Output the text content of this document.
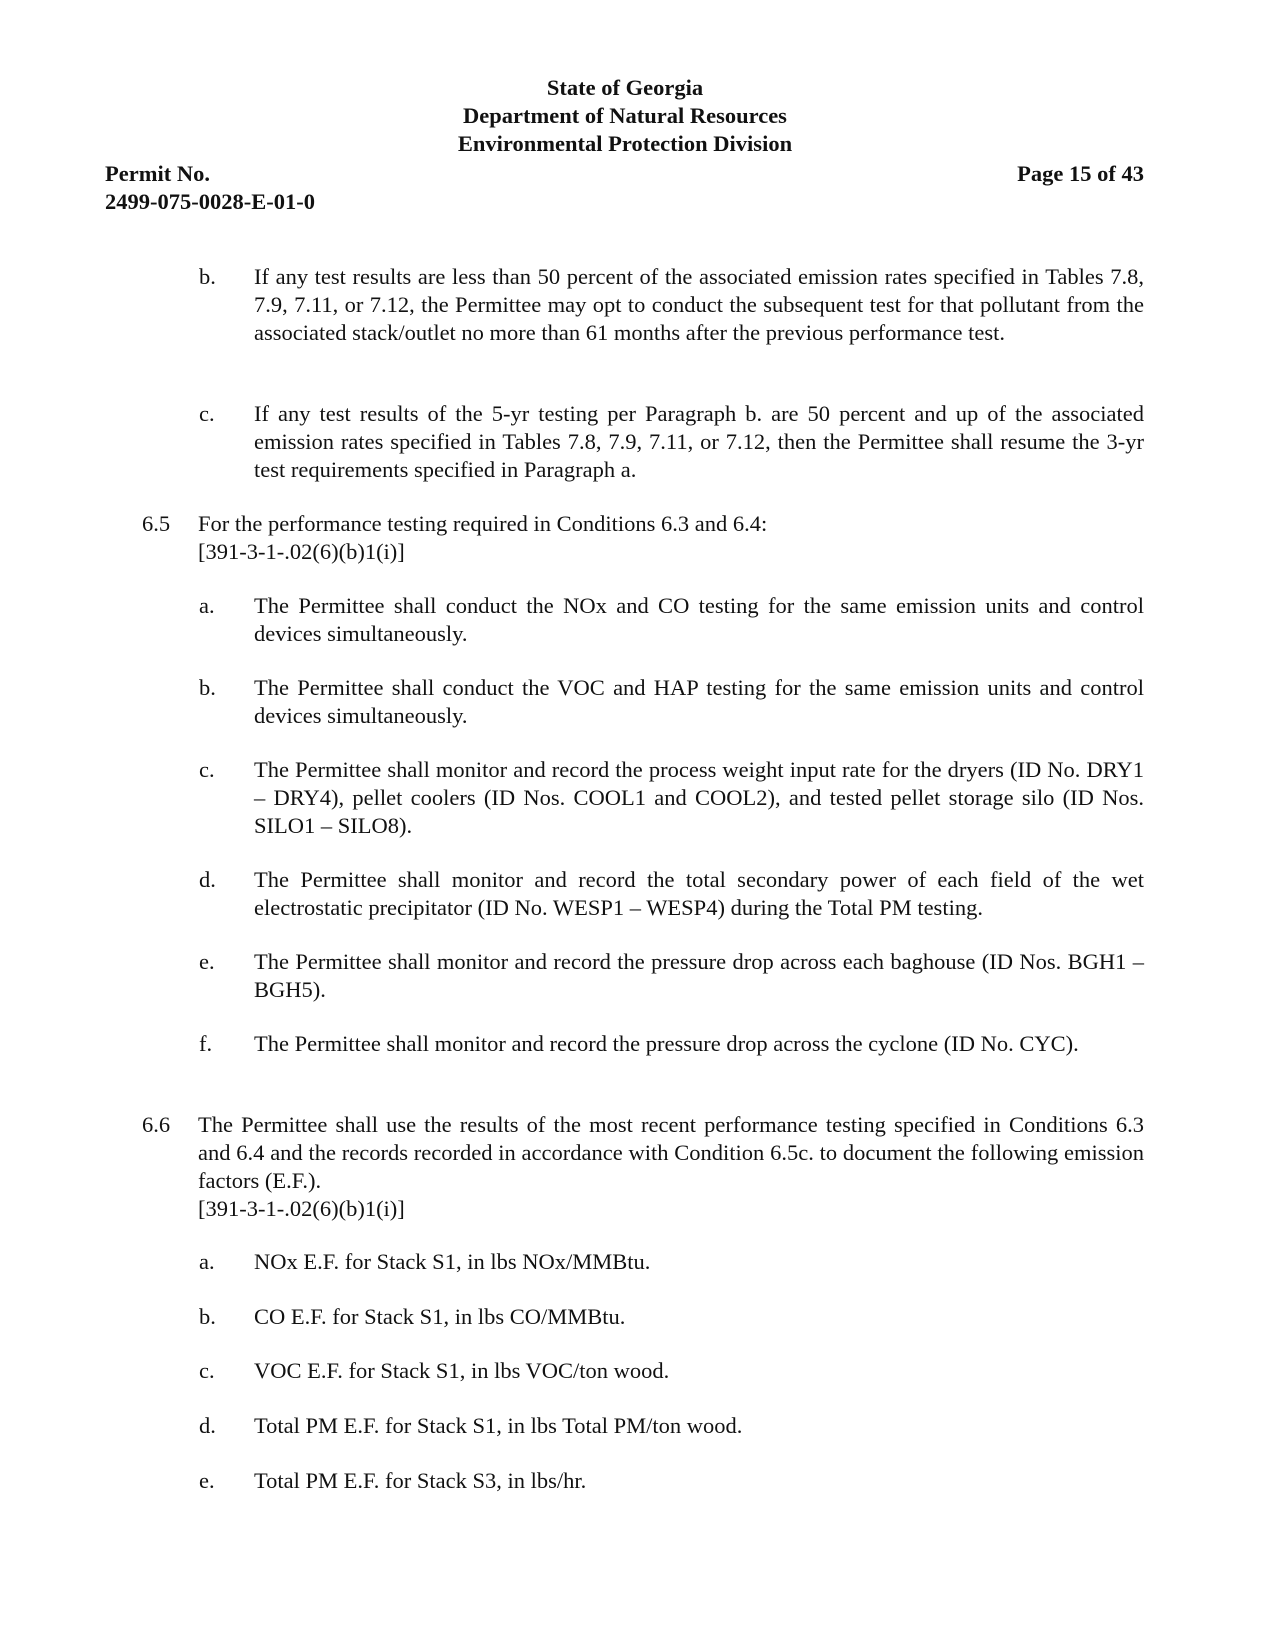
State of Georgia
Department of Natural Resources
Environmental Protection Division
Permit No.
2499-075-0028-E-01-0
Page 15 of 43
b. If any test results are less than 50 percent of the associated emission rates specified in Tables 7.8, 7.9, 7.11, or 7.12, the Permittee may opt to conduct the subsequent test for that pollutant from the associated stack/outlet no more than 61 months after the previous performance test.
c. If any test results of the 5-yr testing per Paragraph b. are 50 percent and up of the associated emission rates specified in Tables 7.8, 7.9, 7.11, or 7.12, then the Permittee shall resume the 3-yr test requirements specified in Paragraph a.
6.5 For the performance testing required in Conditions 6.3 and 6.4:
[391-3-1-.02(6)(b)1(i)]
a. The Permittee shall conduct the NOx and CO testing for the same emission units and control devices simultaneously.
b. The Permittee shall conduct the VOC and HAP testing for the same emission units and control devices simultaneously.
c. The Permittee shall monitor and record the process weight input rate for the dryers (ID No. DRY1 – DRY4), pellet coolers (ID Nos. COOL1 and COOL2), and tested pellet storage silo (ID Nos. SILO1 – SILO8).
d. The Permittee shall monitor and record the total secondary power of each field of the wet electrostatic precipitator (ID No. WESP1 – WESP4) during the Total PM testing.
e. The Permittee shall monitor and record the pressure drop across each baghouse (ID Nos. BGH1 – BGH5).
f. The Permittee shall monitor and record the pressure drop across the cyclone (ID No. CYC).
6.6 The Permittee shall use the results of the most recent performance testing specified in Conditions 6.3 and 6.4 and the records recorded in accordance with Condition 6.5c. to document the following emission factors (E.F.).
[391-3-1-.02(6)(b)1(i)]
a. NOx E.F. for Stack S1, in lbs NOx/MMBtu.
b. CO E.F. for Stack S1, in lbs CO/MMBtu.
c. VOC E.F. for Stack S1, in lbs VOC/ton wood.
d. Total PM E.F. for Stack S1, in lbs Total PM/ton wood.
e. Total PM E.F. for Stack S3, in lbs/hr.
